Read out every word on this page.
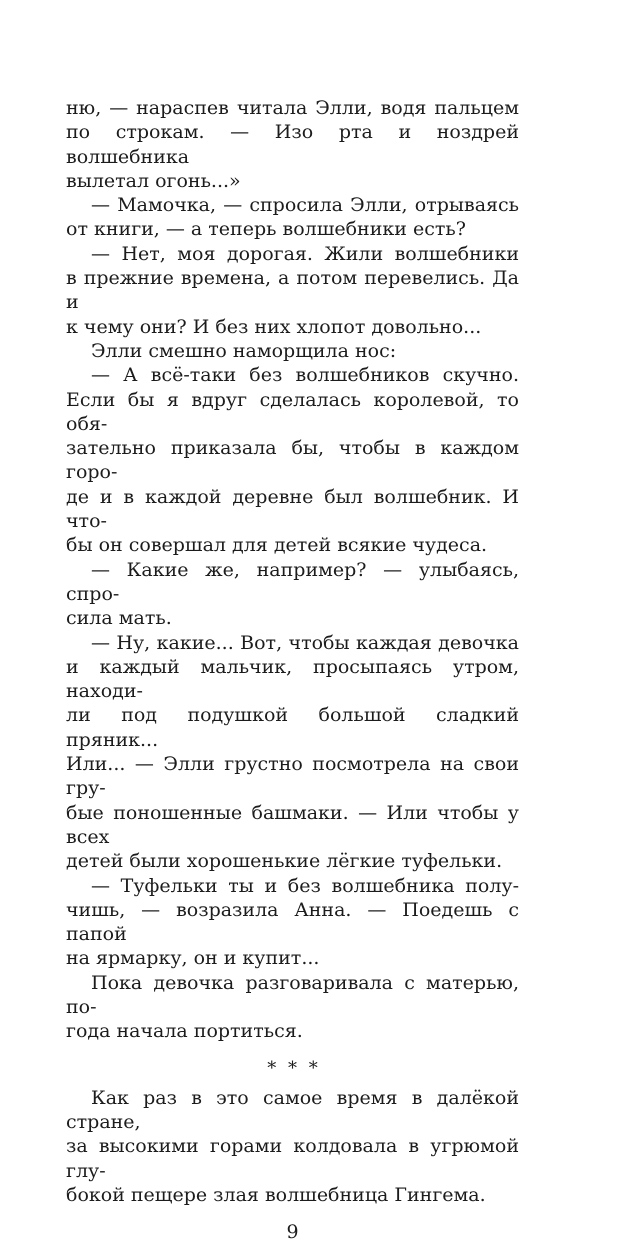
ню, — нараспев читала Элли, водя пальцем
по строкам. — Изо рта и ноздрей волшебника
вылетал огонь...»
— Мамочка, — спросила Элли, отрываясь
от книги, — а теперь волшебники есть?
— Нет, моя дорогая. Жили волшебники
в прежние времена, а потом перевелись. Да и
к чему они? И без них хлопот довольно...
Элли смешно наморщила нос:
— А всё-таки без волшебников скучно.
Если бы я вдруг сделалась королевой, то обя-
зательно приказала бы, чтобы в каждом горо-
де и в каждой деревне был волшебник. И что-
бы он совершал для детей всякие чудеса.
— Какие же, например? — улыбаясь, спро-
сила мать.
— Ну, какие... Вот, чтобы каждая девочка
и каждый мальчик, просыпаясь утром, находи-
ли под подушкой большой сладкий пряник...
Или... — Элли грустно посмотрела на свои гру-
бые поношенные башмаки. — Или чтобы у всех
детей были хорошенькие лёгкие туфельки.
— Туфельки ты и без волшебника полу-
чишь, — возразила Анна. — Поедешь с папой
на ярмарку, он и купит...
Пока девочка разговаривала с матерью, по-
года начала портиться.
* * *
Как раз в это самое время в далёкой стране,
за высокими горами колдовала в угрюмой глу-
бокой пещере злая волшебница Гингема.
9
